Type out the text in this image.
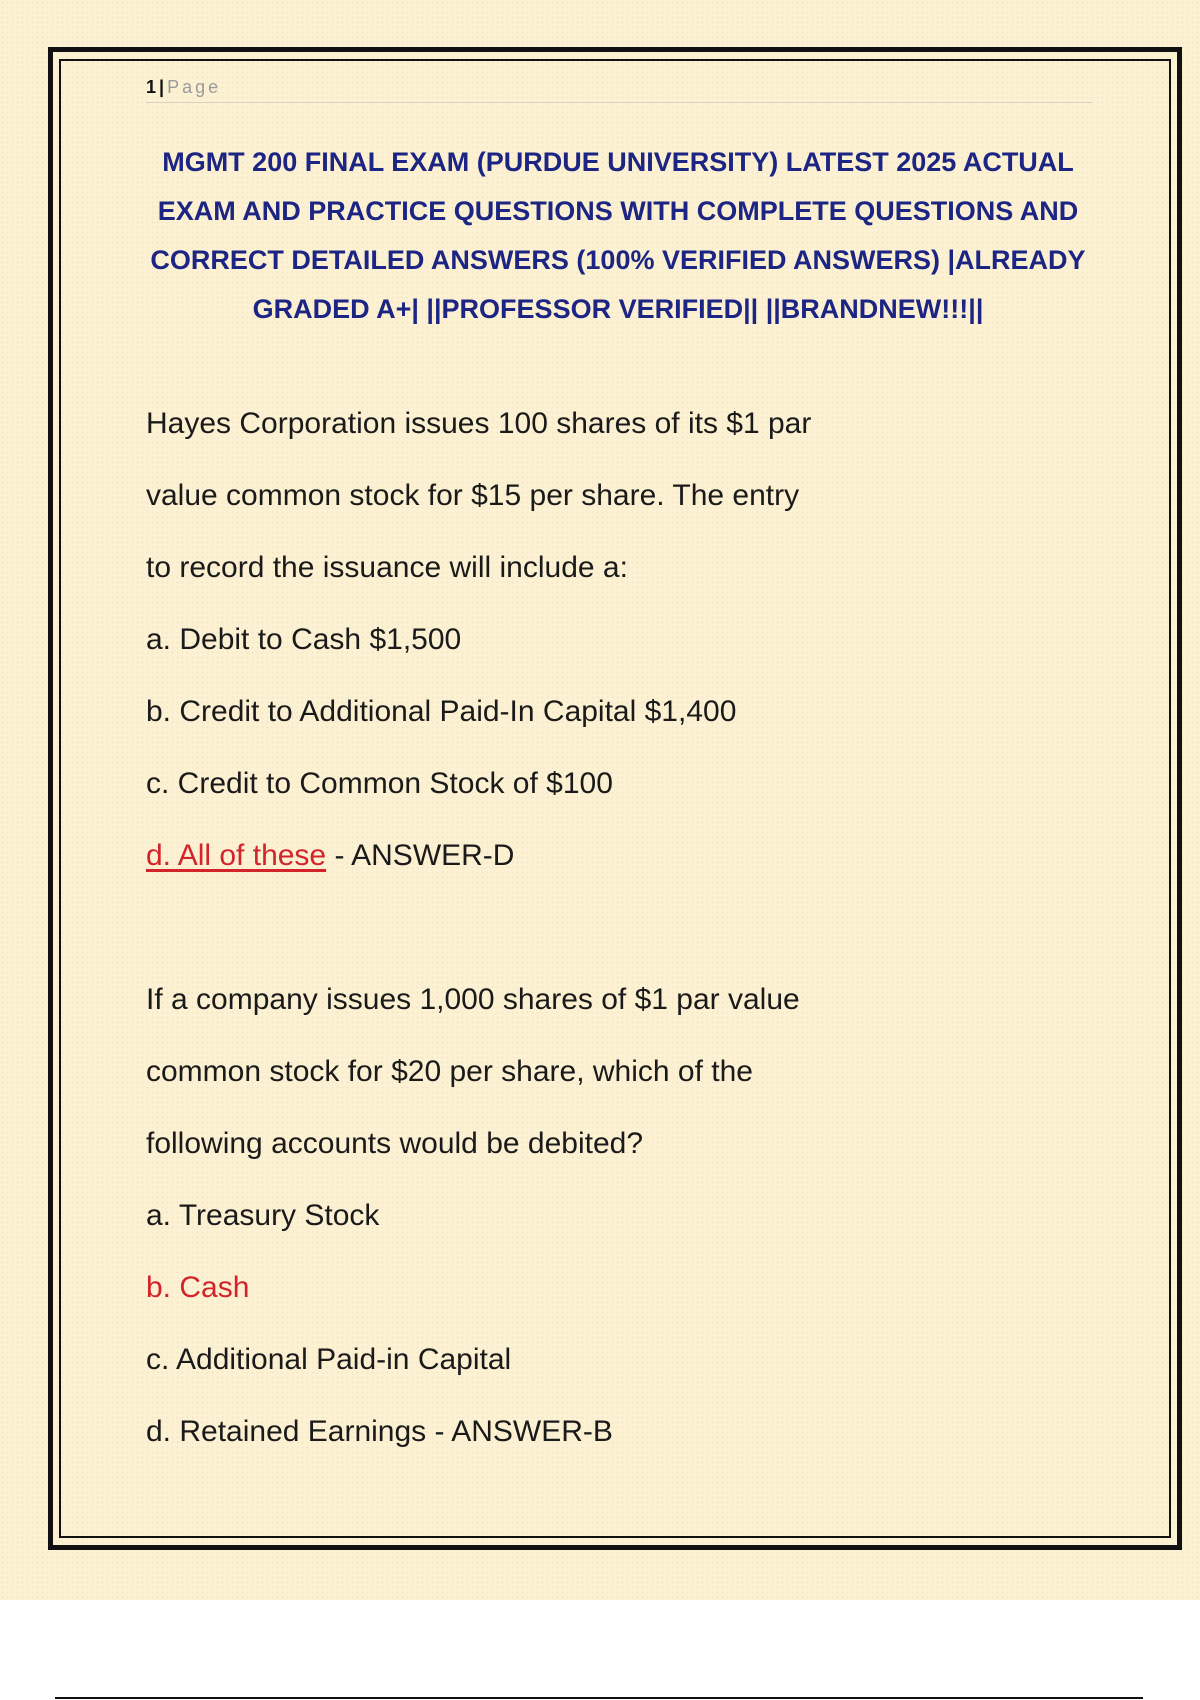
1 | Page
MGMT 200 FINAL EXAM (PURDUE UNIVERSITY) LATEST 2025 ACTUAL EXAM AND PRACTICE QUESTIONS WITH COMPLETE QUESTIONS AND CORRECT DETAILED ANSWERS (100% VERIFIED ANSWERS) |ALREADY GRADED A+| ||PROFESSOR VERIFIED|| ||BRANDNEW!!!||
Hayes Corporation issues 100 shares of its $1 par
value common stock for $15 per share. The entry
to record the issuance will include a:
a. Debit to Cash $1,500
b. Credit to Additional Paid-In Capital $1,400
c. Credit to Common Stock of $100
d. All of these - ANSWER-D
If a company issues 1,000 shares of $1 par value
common stock for $20 per share, which of the
following accounts would be debited?
a. Treasury Stock
b. Cash
c. Additional Paid-in Capital
d. Retained Earnings - ANSWER-B
